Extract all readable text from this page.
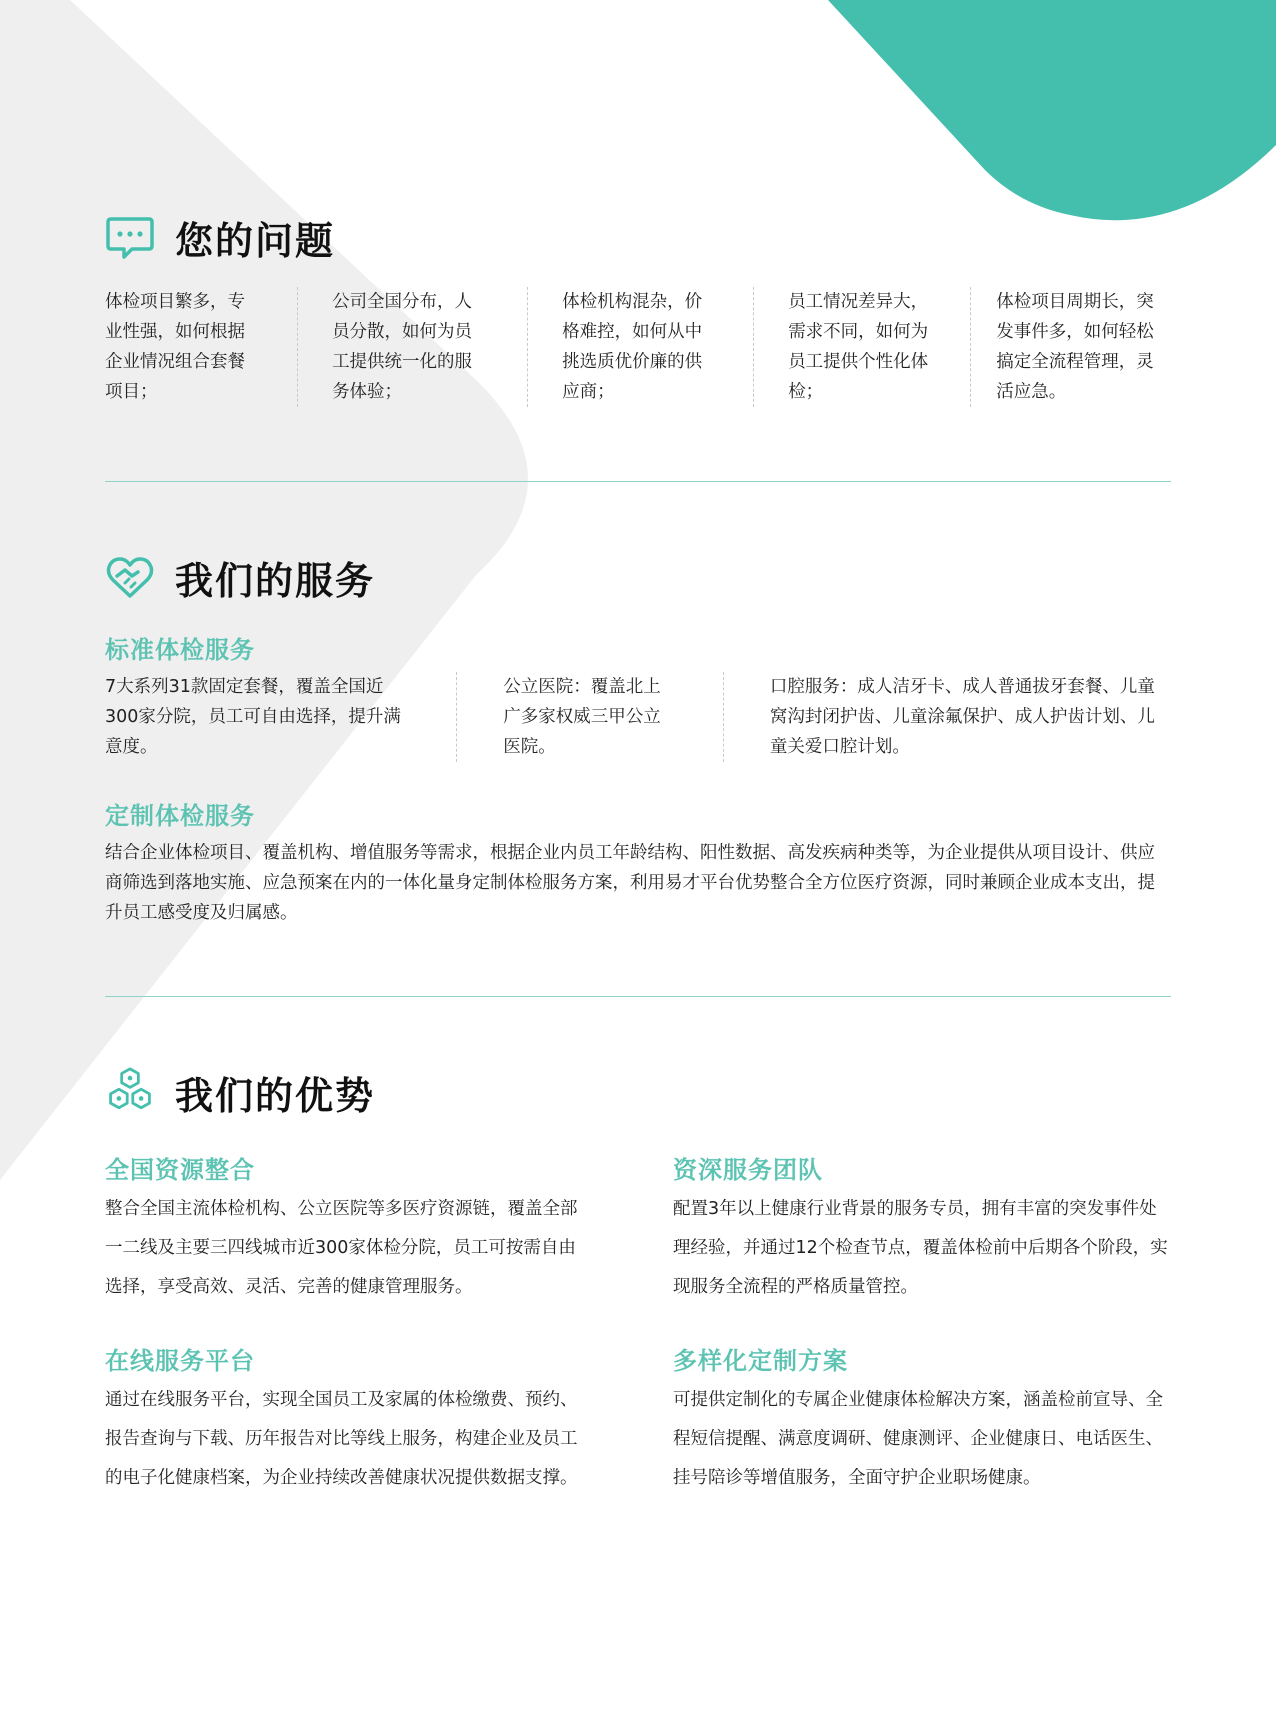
您的问题
体检项目繁多，专业性强，如何根据企业情况组合套餐项目；
公司全国分布，人员分散，如何为员工提供统一化的服务体验；
体检机构混杂，价格难控，如何从中挑选质优价廉的供应商；
员工情况差异大，需求不同，如何为员工提供个性化体检；
体检项目周期长，突发事件多，如何轻松搞定全流程管理，灵活应急。
我们的服务
标准体检服务
7大系列31款固定套餐，覆盖全国近300家分院，员工可自由选择，提升满意度。
公立医院：覆盖北上广多家权威三甲公立医院。
口腔服务：成人洁牙卡、成人普通拔牙套餐、儿童窝沟封闭护齿、儿童涂氟保护、成人护齿计划、儿童关爱口腔计划。
定制体检服务
结合企业体检项目、覆盖机构、增值服务等需求，根据企业内员工年龄结构、阳性数据、高发疾病种类等，为企业提供从项目设计、供应商筛选到落地实施、应急预案在内的一体化量身定制体检服务方案，利用易才平台优势整合全方位医疗资源，同时兼顾企业成本支出，提升员工感受度及归属感。
我们的优势
全国资源整合
整合全国主流体检机构、公立医院等多医疗资源链，覆盖全部一二线及主要三四线城市近300家体检分院，员工可按需自由选择，享受高效、灵活、完善的健康管理服务。
资深服务团队
配置3年以上健康行业背景的服务专员，拥有丰富的突发事件处理经验，并通过12个检查节点，覆盖体检前中后期各个阶段，实现服务全流程的严格质量管控。
在线服务平台
通过在线服务平台，实现全国员工及家属的体检缴费、预约、报告查询与下载、历年报告对比等线上服务，构建企业及员工的电子化健康档案，为企业持续改善健康状况提供数据支撑。
多样化定制方案
可提供定制化的专属企业健康体检解决方案，涵盖检前宣导、全程短信提醒、满意度调研、健康测评、企业健康日、电话医生、挂号陪诊等增值服务，全面守护企业职场健康。
